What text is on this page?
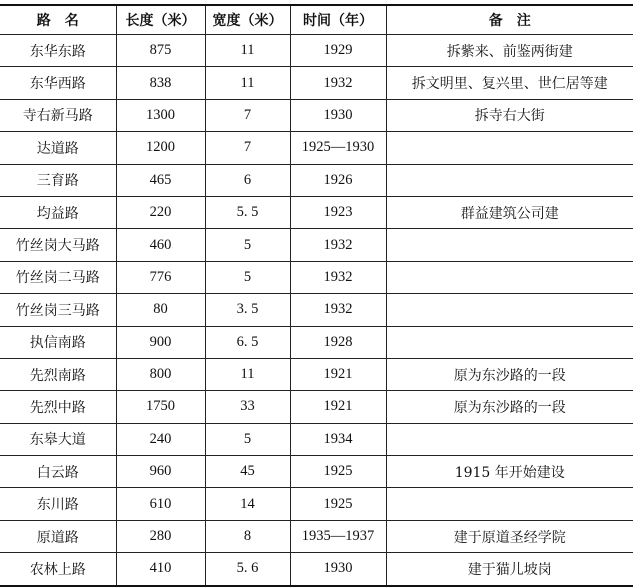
路　名	长度（米）	宽度（米）	时间（年）	备　注
东华东路	875	11	1929	拆紫来、前鉴两街建
东华西路	838	11	1932	拆文明里、复兴里、世仁居等建
寺右新马路	1300	7	1930	拆寺右大街
达道路	1200	7	1925—1930	
三育路	465	6	1926	
均益路	220	5. 5	1923	群益建筑公司建
竹丝岗大马路	460	5	1932	
竹丝岗二马路	776	5	1932	
竹丝岗三马路	80	3. 5	1932	
执信南路	900	6. 5	1928	
先烈南路	800	11	1921	原为东沙路的一段
先烈中路	1750	33	1921	原为东沙路的一段
东皋大道	240	5	1934	
白云路	960	45	1925	1915 年开始建设
东川路	610	14	1925	
原道路	280	8	1935—1937	建于原道圣经学院
农林上路	410	5. 6	1930	建于猫儿坡岗
